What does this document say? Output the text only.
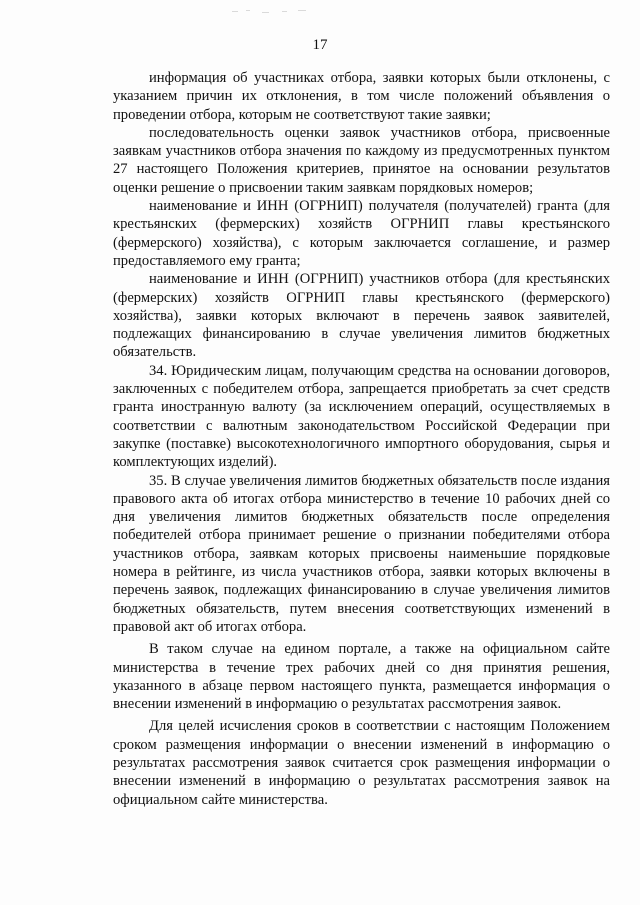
17

информация об участниках отбора, заявки которых были отклонены, с указанием причин их отклонения, в том числе положений объявления о проведении отбора, которым не соответствуют такие заявки;

последовательность оценки заявок участников отбора, присвоенные заявкам участников отбора значения по каждому из предусмотренных пунктом 27 настоящего Положения критериев, принятое на основании результатов оценки решение о присвоении таким заявкам порядковых номеров;

наименование и ИНН (ОГРНИП) получателя (получателей) гранта (для крестьянских (фермерских) хозяйств ОГРНИП главы крестьянского (фермерского) хозяйства), с которым заключается соглашение, и размер предоставляемого ему гранта;

наименование и ИНН (ОГРНИП) участников отбора (для крестьянских (фермерских) хозяйств ОГРНИП главы крестьянского (фермерского) хозяйства), заявки которых включают в перечень заявок заявителей, подлежащих финансированию в случае увеличения лимитов бюджетных обязательств.

34. Юридическим лицам, получающим средства на основании договоров, заключенных с победителем отбора, запрещается приобретать за счет средств гранта иностранную валюту (за исключением операций, осуществляемых в соответствии с валютным законодательством Российской Федерации при закупке (поставке) высокотехнологичного импортного оборудования, сырья и комплектующих изделий).

35. В случае увеличения лимитов бюджетных обязательств после издания правового акта об итогах отбора министерство в течение 10 рабочих дней со дня увеличения лимитов бюджетных обязательств после определения победителей отбора принимает решение о признании победителями отбора участников отбора, заявкам которых присвоены наименьшие порядковые номера в рейтинге, из числа участников отбора, заявки которых включены в перечень заявок, подлежащих финансированию в случае увеличения лимитов бюджетных обязательств, путем внесения соответствующих изменений в правовой акт об итогах отбора.

В таком случае на едином портале, а также на официальном сайте министерства в течение трех рабочих дней со дня принятия решения, указанного в абзаце первом настоящего пункта, размещается информация о внесении изменений в информацию о результатах рассмотрения заявок.

Для целей исчисления сроков в соответствии с настоящим Положением сроком размещения информации о внесении изменений в информацию о результатах рассмотрения заявок считается срок размещения информации о внесении изменений в информацию о результатах рассмотрения заявок на официальном сайте министерства.
